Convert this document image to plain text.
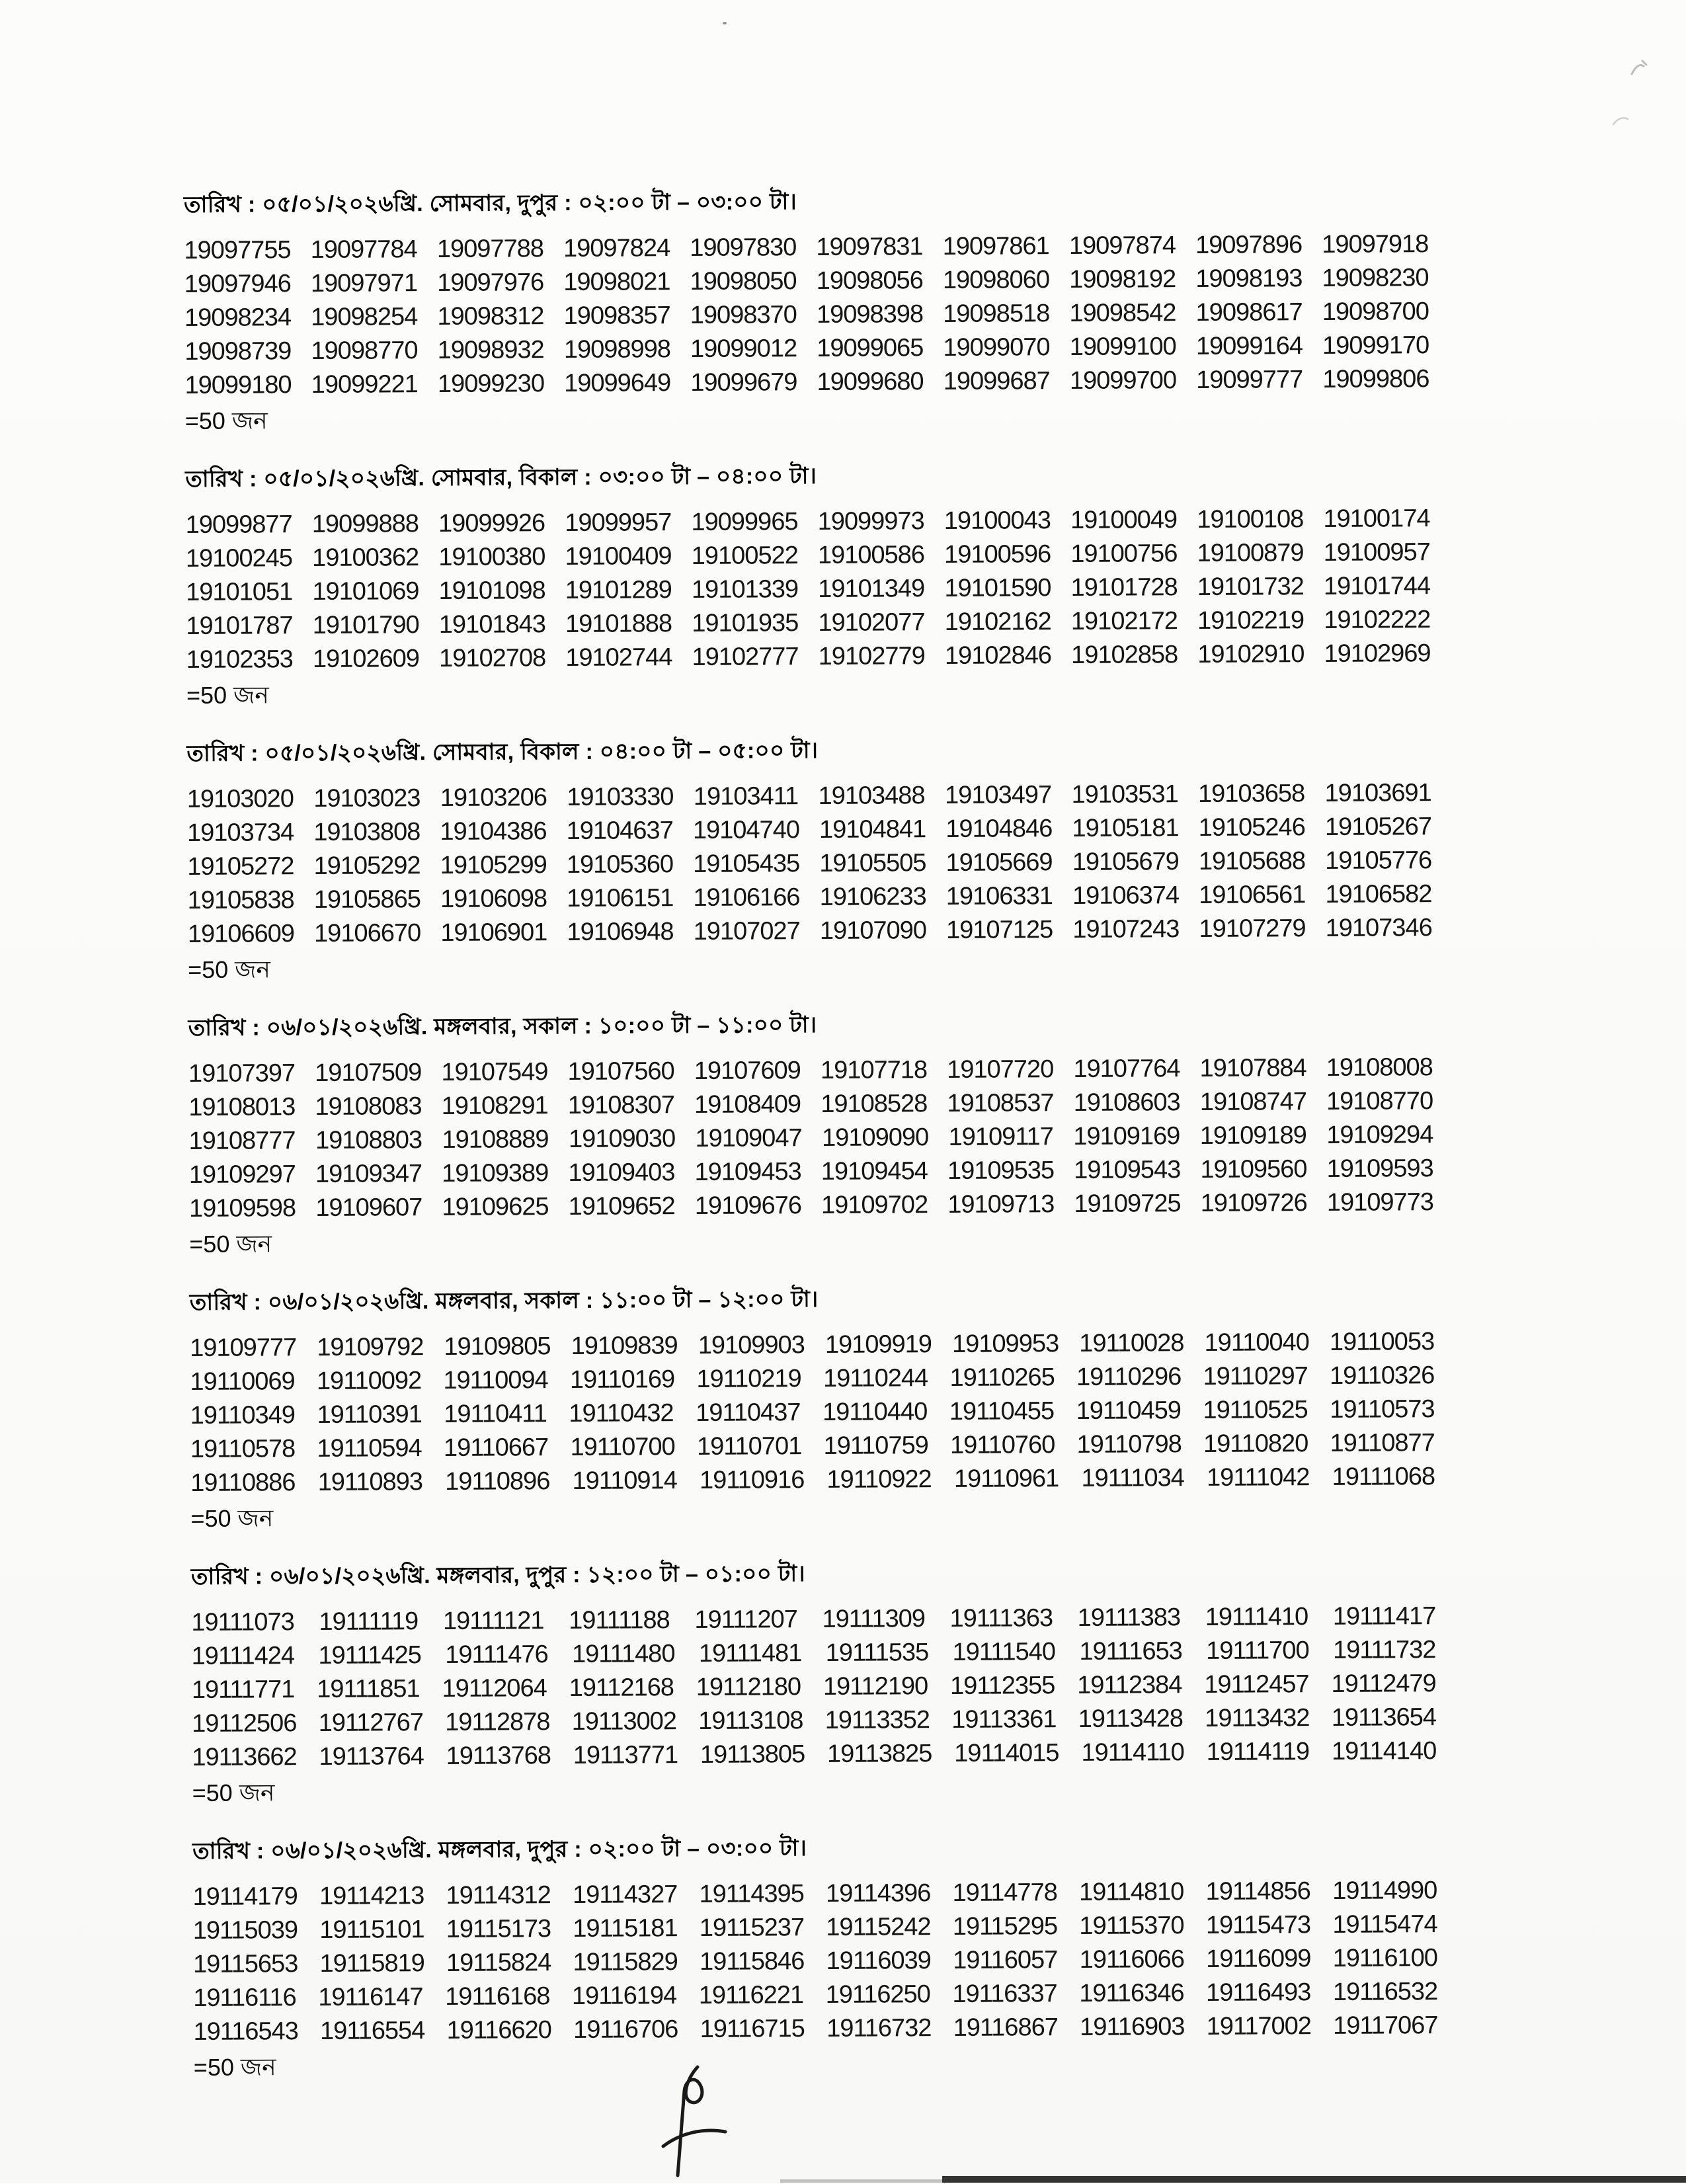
তারিখ : ০৫/০১/২০২৬খ্রি. সোমবার, দুপুর : ০২:০০ টা – ০৩:০০ টা।
19097755 19097784 19097788 19097824 19097830 19097831 19097861 19097874 19097896 19097918
19097946 19097971 19097976 19098021 19098050 19098056 19098060 19098192 19098193 19098230
19098234 19098254 19098312 19098357 19098370 19098398 19098518 19098542 19098617 19098700
19098739 19098770 19098932 19098998 19099012 19099065 19099070 19099100 19099164 19099170
19099180 19099221 19099230 19099649 19099679 19099680 19099687 19099700 19099777 19099806
=50 জন
তারিখ : ০৫/০১/২০২৬খ্রি. সোমবার, বিকাল : ০৩:০০ টা – ০৪:০০ টা।
19099877 19099888 19099926 19099957 19099965 19099973 19100043 19100049 19100108 19100174
19100245 19100362 19100380 19100409 19100522 19100586 19100596 19100756 19100879 19100957
19101051 19101069 19101098 19101289 19101339 19101349 19101590 19101728 19101732 19101744
19101787 19101790 19101843 19101888 19101935 19102077 19102162 19102172 19102219 19102222
19102353 19102609 19102708 19102744 19102777 19102779 19102846 19102858 19102910 19102969
=50 জন
তারিখ : ০৫/০১/২০২৬খ্রি. সোমবার, বিকাল : ০৪:০০ টা – ০৫:০০ টা।
19103020 19103023 19103206 19103330 19103411 19103488 19103497 19103531 19103658 19103691
19103734 19103808 19104386 19104637 19104740 19104841 19104846 19105181 19105246 19105267
19105272 19105292 19105299 19105360 19105435 19105505 19105669 19105679 19105688 19105776
19105838 19105865 19106098 19106151 19106166 19106233 19106331 19106374 19106561 19106582
19106609 19106670 19106901 19106948 19107027 19107090 19107125 19107243 19107279 19107346
=50 জন
তারিখ : ০৬/০১/২০২৬খ্রি. মঙ্গলবার, সকাল : ১০:০০ টা – ১১:০০ টা।
19107397 19107509 19107549 19107560 19107609 19107718 19107720 19107764 19107884 19108008
19108013 19108083 19108291 19108307 19108409 19108528 19108537 19108603 19108747 19108770
19108777 19108803 19108889 19109030 19109047 19109090 19109117 19109169 19109189 19109294
19109297 19109347 19109389 19109403 19109453 19109454 19109535 19109543 19109560 19109593
19109598 19109607 19109625 19109652 19109676 19109702 19109713 19109725 19109726 19109773
=50 জন
তারিখ : ০৬/০১/২০২৬খ্রি. মঙ্গলবার, সকাল : ১১:০০ টা – ১২:০০ টা।
19109777 19109792 19109805 19109839 19109903 19109919 19109953 19110028 19110040 19110053
19110069 19110092 19110094 19110169 19110219 19110244 19110265 19110296 19110297 19110326
19110349 19110391 19110411 19110432 19110437 19110440 19110455 19110459 19110525 19110573
19110578 19110594 19110667 19110700 19110701 19110759 19110760 19110798 19110820 19110877
19110886 19110893 19110896 19110914 19110916 19110922 19110961 19111034 19111042 19111068
=50 জন
তারিখ : ০৬/০১/২০২৬খ্রি. মঙ্গলবার, দুপুর : ১২:০০ টা – ০১:০০ টা।
19111073 19111119 19111121 19111188 19111207 19111309 19111363 19111383 19111410 19111417
19111424 19111425 19111476 19111480 19111481 19111535 19111540 19111653 19111700 19111732
19111771 19111851 19112064 19112168 19112180 19112190 19112355 19112384 19112457 19112479
19112506 19112767 19112878 19113002 19113108 19113352 19113361 19113428 19113432 19113654
19113662 19113764 19113768 19113771 19113805 19113825 19114015 19114110 19114119 19114140
=50 জন
তারিখ : ০৬/০১/২০২৬খ্রি. মঙ্গলবার, দুপুর : ০২:০০ টা – ০৩:০০ টা।
19114179 19114213 19114312 19114327 19114395 19114396 19114778 19114810 19114856 19114990
19115039 19115101 19115173 19115181 19115237 19115242 19115295 19115370 19115473 19115474
19115653 19115819 19115824 19115829 19115846 19116039 19116057 19116066 19116099 19116100
19116116 19116147 19116168 19116194 19116221 19116250 19116337 19116346 19116493 19116532
19116543 19116554 19116620 19116706 19116715 19116732 19116867 19116903 19117002 19117067
=50 জন
